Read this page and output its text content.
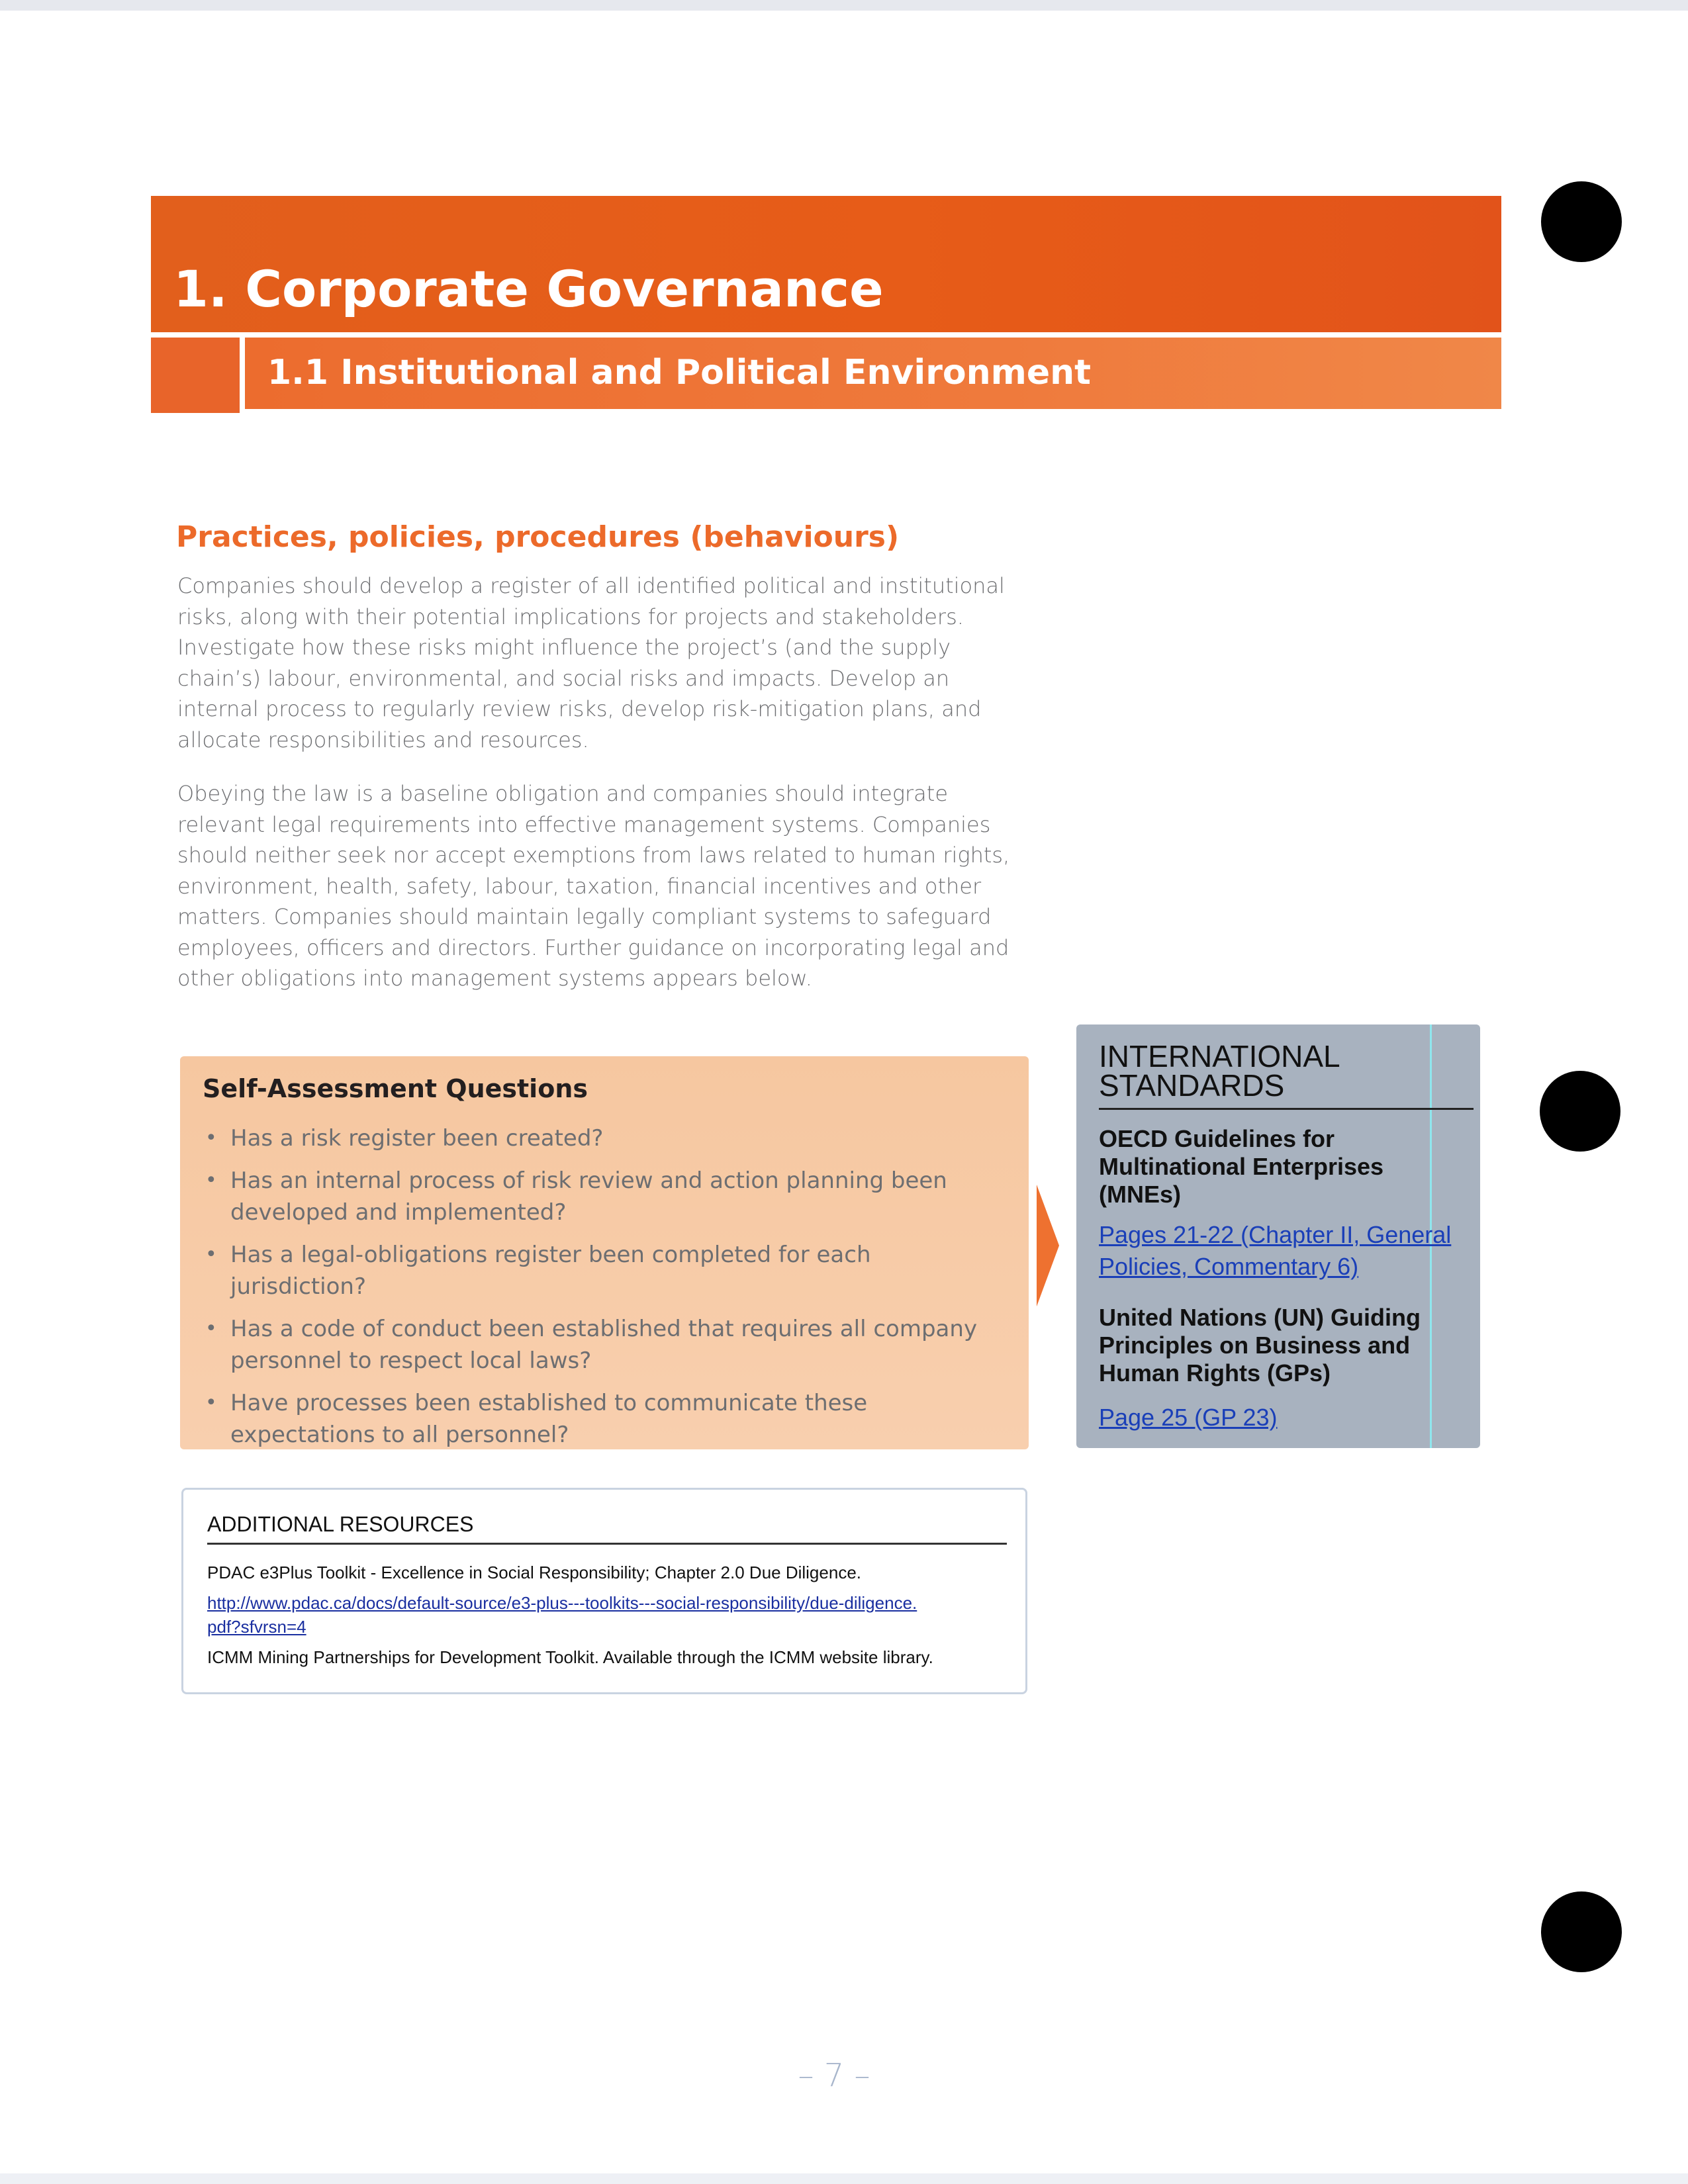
1. Corporate Governance
1.1 Institutional and Political Environment
Practices, policies, procedures (behaviours)

Companies should develop a register of all identified political and institutional risks, along with their potential implications for projects and stakeholders. Investigate how these risks might influence the project’s (and the supply chain’s) labour, environmental, and social risks and impacts. Develop an internal process to regularly review risks, develop risk-mitigation plans, and allocate responsibilities and resources.

Obeying the law is a baseline obligation and companies should integrate relevant legal requirements into effective management systems. Companies should neither seek nor accept exemptions from laws related to human rights, environment, health, safety, labour, taxation, financial incentives and other matters. Companies should maintain legally compliant systems to safeguard employees, officers and directors. Further guidance on incorporating legal and other obligations into management systems appears below.

Self-Assessment Questions
• Has a risk register been created?
• Has an internal process of risk review and action planning been developed and implemented?
• Has a legal-obligations register been completed for each jurisdiction?
• Has a code of conduct been established that requires all company personnel to respect local laws?
• Have processes been established to communicate these expectations to all personnel?

INTERNATIONAL STANDARDS

OECD Guidelines for Multinational Enterprises (MNEs)

Pages 21-22 (Chapter II, General Policies, Commentary 6)

United Nations (UN) Guiding Principles on Business and Human Rights (GPs)

Page 25 (GP 23)

ADDITIONAL RESOURCES

PDAC e3Plus Toolkit - Excellence in Social Responsibility; Chapter 2.0 Due Diligence.

http://www.pdac.ca/docs/default-source/e3-plus---toolkits---social-responsibility/due-diligence.

pdf?sfvrsn=4

ICMM Mining Partnerships for Development Toolkit. Available through the ICMM website library.

– 7 –
